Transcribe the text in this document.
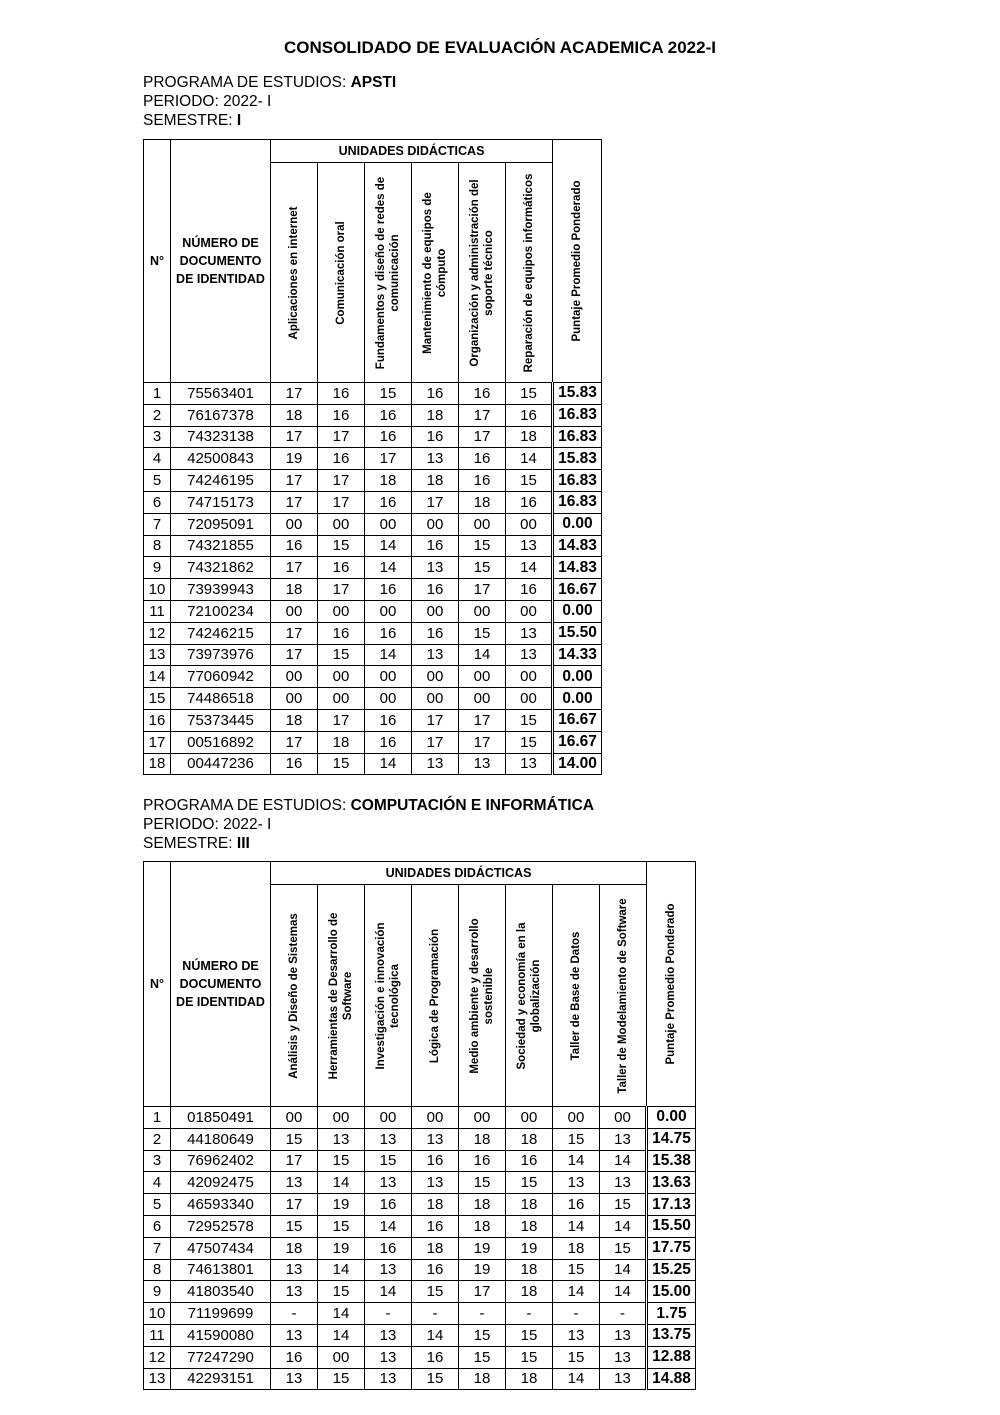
CONSOLIDADO DE EVALUACIÓN ACADEMICA 2022-I
PROGRAMA DE ESTUDIOS: APSTI
PERIODO: 2022- I
SEMESTRE: I
N°	NÚMERO DE DOCUMENTO DE IDENTIDAD	UNIDADES DIDÁCTICAS						Puntaje Promedio Ponderado

		Aplicaciones en internet	Comunicación oral	Fundamentos y diseño de redes de comunicación	Mantenimiento de equipos de cómputo	Organización y administración del soporte técnico	Reparación de equipos informáticos	

1	75563401	17	16	15	16	16	15	15.83
2	76167378	18	16	16	18	17	16	16.83
3	74323138	17	17	16	16	17	18	16.83
4	42500843	19	16	17	13	16	14	15.83
5	74246195	17	17	18	18	16	15	16.83
6	74715173	17	17	16	17	18	16	16.83
7	72095091	00	00	00	00	00	00	0.00
8	74321855	16	15	14	16	15	13	14.83
9	74321862	17	16	14	13	15	14	14.83
10	73939943	18	17	16	16	17	16	16.67
11	72100234	00	00	00	00	00	00	0.00
12	74246215	17	16	16	16	15	13	15.50
13	73973976	17	15	14	13	14	13	14.33
14	77060942	00	00	00	00	00	00	0.00
15	74486518	00	00	00	00	00	00	0.00
16	75373445	18	17	16	17	17	15	16.67
17	00516892	17	18	16	17	17	15	16.67
18	00447236	16	15	14	13	13	13	14.00
PROGRAMA DE ESTUDIOS: COMPUTACIÓN E INFORMÁTICA
PERIODO: 2022- I
SEMESTRE: III
N°	NÚMERO DE DOCUMENTO DE IDENTIDAD	UNIDADES DIDÁCTICAS								Puntaje Promedio Ponderado

		Análisis y Diseño de Sistemas	Herramientas de Desarrollo de Software	Investigación e innovación tecnológica	Lógica de Programación	Medio ambiente y desarrollo sostenible	Sociedad y economía en la globalización	Taller de Base de Datos	Taller de Modelamiento de Software	

1	01850491	00	00	00	00	00	00	00	00	0.00
2	44180649	15	13	13	13	18	18	15	13	14.75
3	76962402	17	15	15	16	16	16	14	14	15.38
4	42092475	13	14	13	13	15	15	13	13	13.63
5	46593340	17	19	16	18	18	18	16	15	17.13
6	72952578	15	15	14	16	18	18	14	14	15.50
7	47507434	18	19	16	18	19	19	18	15	17.75
8	74613801	13	14	13	16	19	18	15	14	15.25
9	41803540	13	15	14	15	17	18	14	14	15.00
10	71199699	-	14	-	-	-	-	-	-	1.75
11	41590080	13	14	13	14	15	15	13	13	13.75
12	77247290	16	00	13	16	15	15	15	13	12.88
13	42293151	13	15	13	15	18	18	14	13	14.88
